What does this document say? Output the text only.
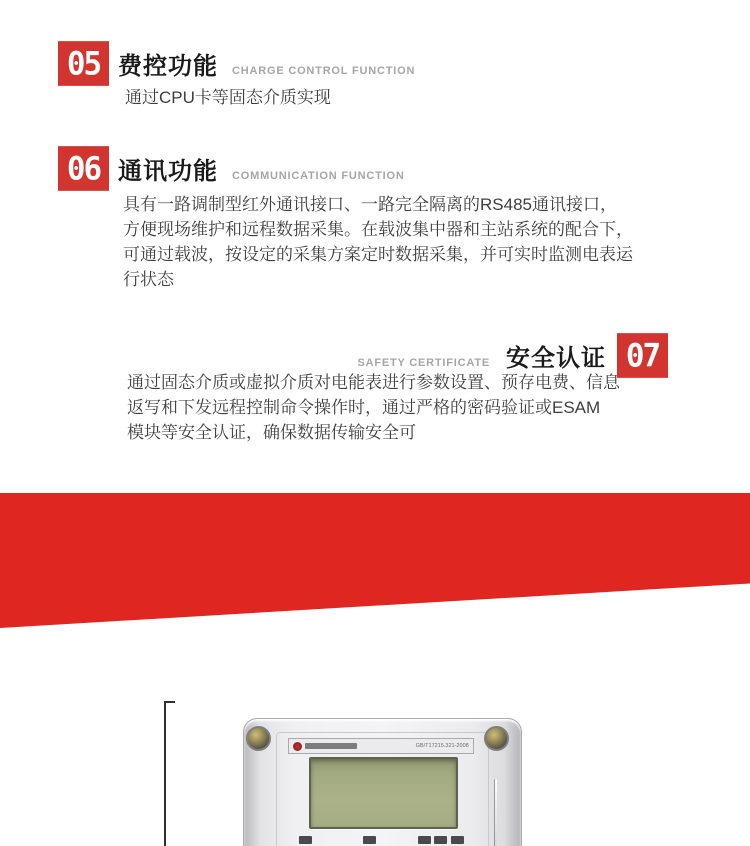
05 费控功能 CHARGE CONTROL FUNCTION
通过CPU卡等固态介质实现
06 通讯功能 COMMUNICATION FUNCTION
具有一路调制型红外通讯接口、一路完全隔离的RS485通讯接口，
方便现场维护和远程数据采集。在载波集中器和主站系统的配合下，
可通过载波，按设定的采集方案定时数据采集，并可实时监测电表运
行状态
SAFETY CERTIFICATE 安全认证 07
通过固态介质或虚拟介质对电能表进行参数设置、预存电费、信息
返写和下发远程控制命令操作时，通过严格的密码验证或ESAM
模块等安全认证，确保数据传输安全可
GB/T17215.321-2008
